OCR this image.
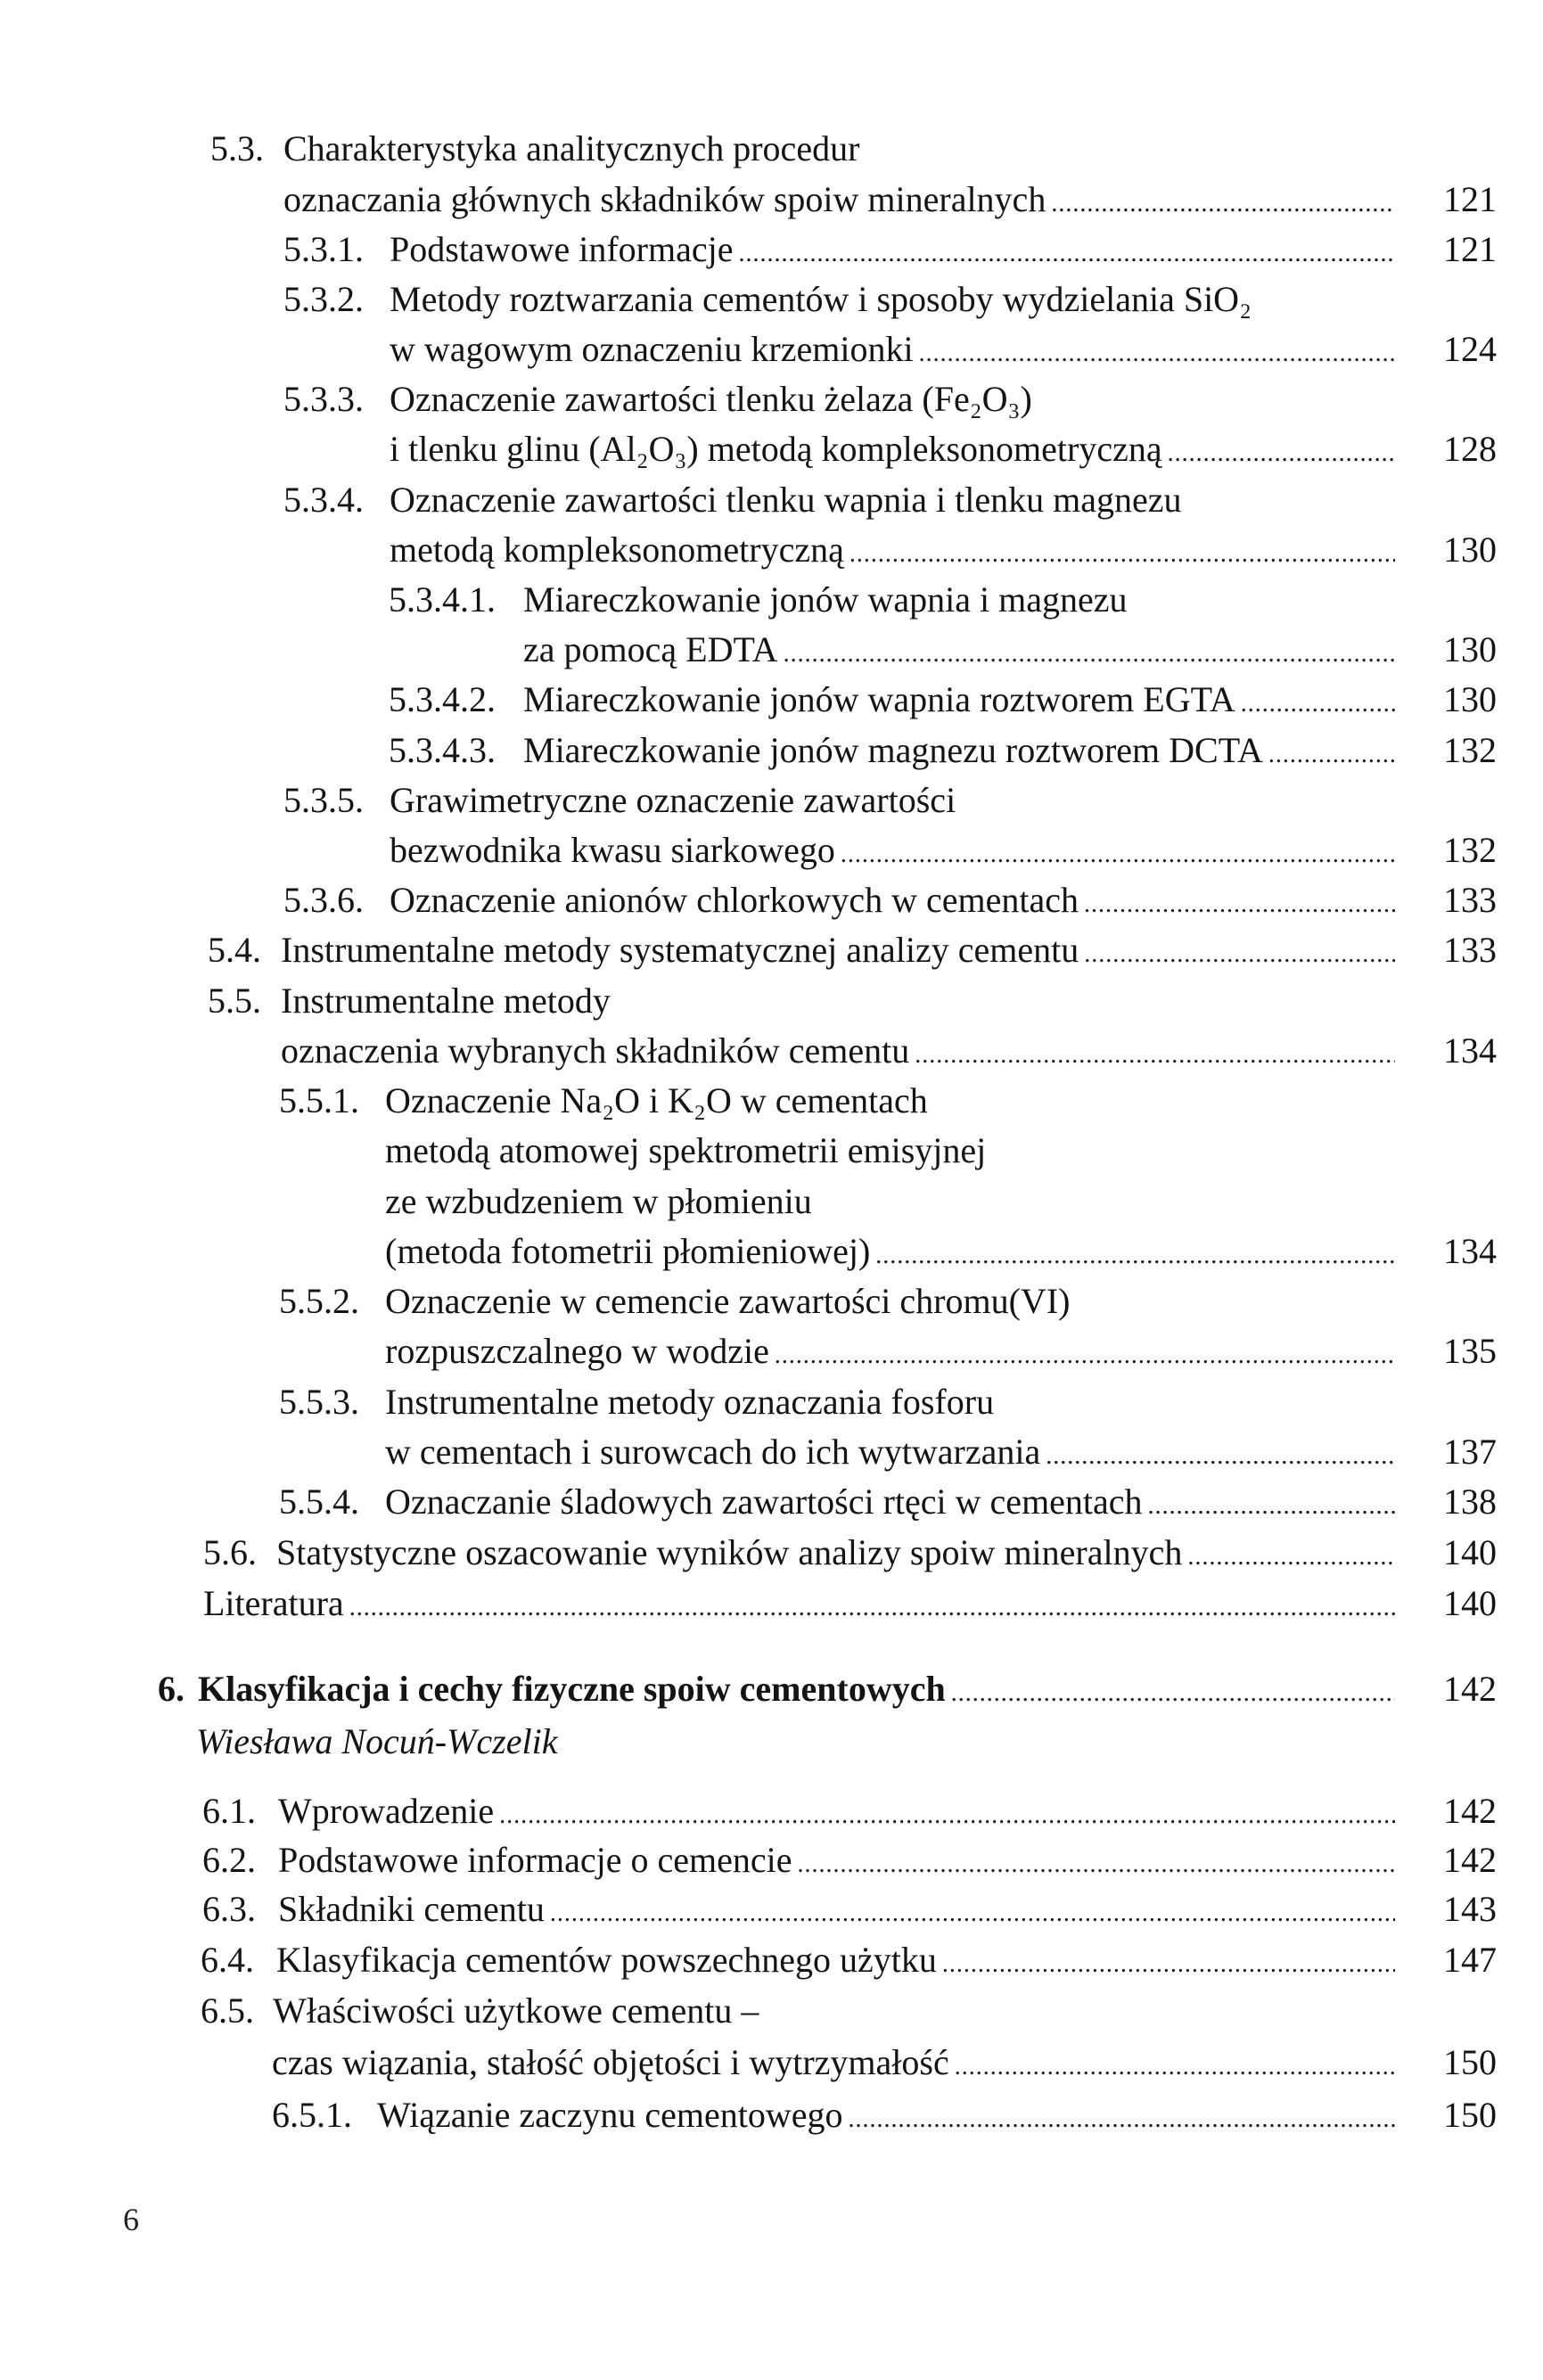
5.3. Charakterystyka analitycznych procedur
oznaczania głównych składników spoiw mineralnych . . .	121
5.3.1. Podstawowe informacje . . .	121
5.3.2. Metody roztwarzania cementów i sposoby wydzielania SiO₂
w wagowym oznaczeniu krzemionki . . .	124
5.3.3. Oznaczenie zawartości tlenku żelaza (Fe₂O₃)
i tlenku glinu (Al₂O₃) metodą kompleksonometryczną . . .	128
5.3.4. Oznaczenie zawartości tlenku wapnia i tlenku magnezu
metodą kompleksonometryczną . . .	130
5.3.4.1. Miareczkowanie jonów wapnia i magnezu
za pomocą EDTA . . .	130
5.3.4.2. Miareczkowanie jonów wapnia roztworem EGTA . . .	130
5.3.4.3. Miareczkowanie jonów magnezu roztworem DCTA . . .	132
5.3.5. Grawimetryczne oznaczenie zawartości
bezwodnika kwasu siarkowego . . .	132
5.3.6. Oznaczenie anionów chlorkowych w cementach . . .	133
5.4. Instrumentalne metody systematycznej analizy cementu . . .	133
5.5. Instrumentalne metody
oznaczenia wybranych składników cementu . . .	134
5.5.1. Oznaczenie Na₂O i K₂O w cementach
metodą atomowej spektrometrii emisyjnej
ze wzbudzeniem w płomieniu
(metoda fotometrii płomieniowej) . . .	134
5.5.2. Oznaczenie w cemencie zawartości chromu(VI)
rozpuszczalnego w wodzie . . .	135
5.5.3. Instrumentalne metody oznaczania fosforu
w cementach i surowcach do ich wytwarzania . . .	137
5.5.4. Oznaczanie śladowych zawartości rtęci w cementach . . .	138
5.6. Statystyczne oszacowanie wyników analizy spoiw mineralnych . . .	140
Literatura . . .	140
6. Klasyfikacja i cechy fizyczne spoiw cementowych . . .	142
Wiesława Nocuń-Wczelik
6.1. Wprowadzenie . . .	142
6.2. Podstawowe informacje o cemencie . . .	142
6.3. Składniki cementu . . .	143
6.4. Klasyfikacja cementów powszechnego użytku . . .	147
6.5. Właściwości użytkowe cementu –
czas wiązania, stałość objętości i wytrzymałość . . .	150
6.5.1. Wiązanie zaczynu cementowego . . .	150
6
